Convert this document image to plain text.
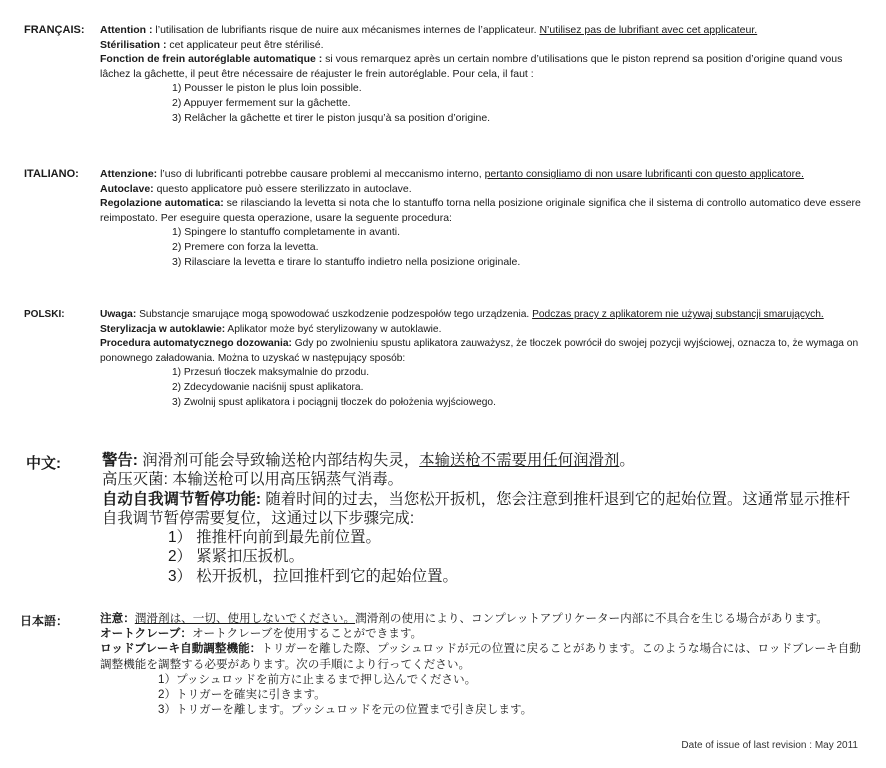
FRANÇAIS: Attention : l’utilisation de lubrifiants risque de nuire aux mécanismes internes de l’applicateur. N’utilisez pas de lubrifiant avec cet applicateur.

Stérilisation : cet applicateur peut être stérilisé.

Fonction de frein autoréglable automatique : si vous remarquez après un certain nombre d’utilisations que le piston reprend sa position d’origine quand vous lâchez la gâchette, il peut être nécessaire de réajuster le frein autoréglable. Pour cela, il faut :

1) Pousser le piston le plus loin possible.
2) Appuyer fermement sur la gâchette.
3) Relâcher la gâchette et tirer le piston jusqu’à sa position d’origine.
ITALIANO: Attenzione: l’uso di lubrificanti potrebbe causare problemi al meccanismo interno, pertanto consigliamo di non usare lubrificanti con questo applicatore.

Autoclave: questo applicatore può essere sterilizzato in autoclave.

Regolazione automatica: se rilasciando la levetta si nota che lo stantuffo torna nella posizione originale significa che il sistema di controllo automatico deve essere reimpostato. Per eseguire questa operazione, usare la seguente procedura:

1) Spingere lo stantuffo completamente in avanti.
2) Premere con forza la levetta.
3) Rilasciare la levetta e tirare lo stantuffo indietro nella posizione originale.
POLSKI:	Uwaga: Substancje smarujące mogą spowodować uszkodzenie podzespołów tego urządzenia. Podczas pracy z aplikatorem nie używaj substancji smarujących.

Sterylizacja w autoklawie: Aplikator może być sterylizowany w autoklawie.

Procedura automatycznego dozowania: Gdy po zwolnieniu spustu aplikatora zauważysz, że tłoczek powrócił do swojej pozycji wyjściowej, oznacza to, że wymaga on ponownego załadowania. Można to uzyskać w następujący sposób:

1) Przesuń tłoczek maksymalnie do przodu.
2) Zdecydowanie naciśnij spust aplikatora.
3) Zwolnij spust aplikatora i pociągnij tłoczek do położenia wyjściowego.
中文:	警告: 润滑剂可能会导致输送枪内部结构失灵，本输送枪不需要用任何润滑剂。

高压灭菌: 本输送枪可以用高压锅蒸气消毒。

自动自我调节暂停功能: 随着时间的过去，当您松开扳机，您会注意到推杆退到它的起始位置。这通常显示推杆自我调节暂停需要复位，这通过以下步骤完成:

1） 推推杆向前到最先前位置。
2） 紧紧扣压扳机。
3） 松开扳机，拉回推杆到它的起始位置。
日本語：	注意：潤滑剤は、一切、使用しないでください。潤滑剤の使用により、コンプレットアプリケーター内部に不具合を生じる場合があります。

オートクレーブ：オートクレーブを使用することができます。

ロッドブレーキ自動調整機能：トリガーを離した際、プッシュロッドが元の位置に戻ることがあります。このような場合には、ロッドブレーキ自動調整機能を調整する必要があります。次の手順により行ってください。

1）プッシュロッドを前方に止まるまで押し込んでください。
2）トリガーを確実に引きます。
3）トリガーを離します。プッシュロッドを元の位置まで引き戻します。
Date of issue of last revision : May 2011
